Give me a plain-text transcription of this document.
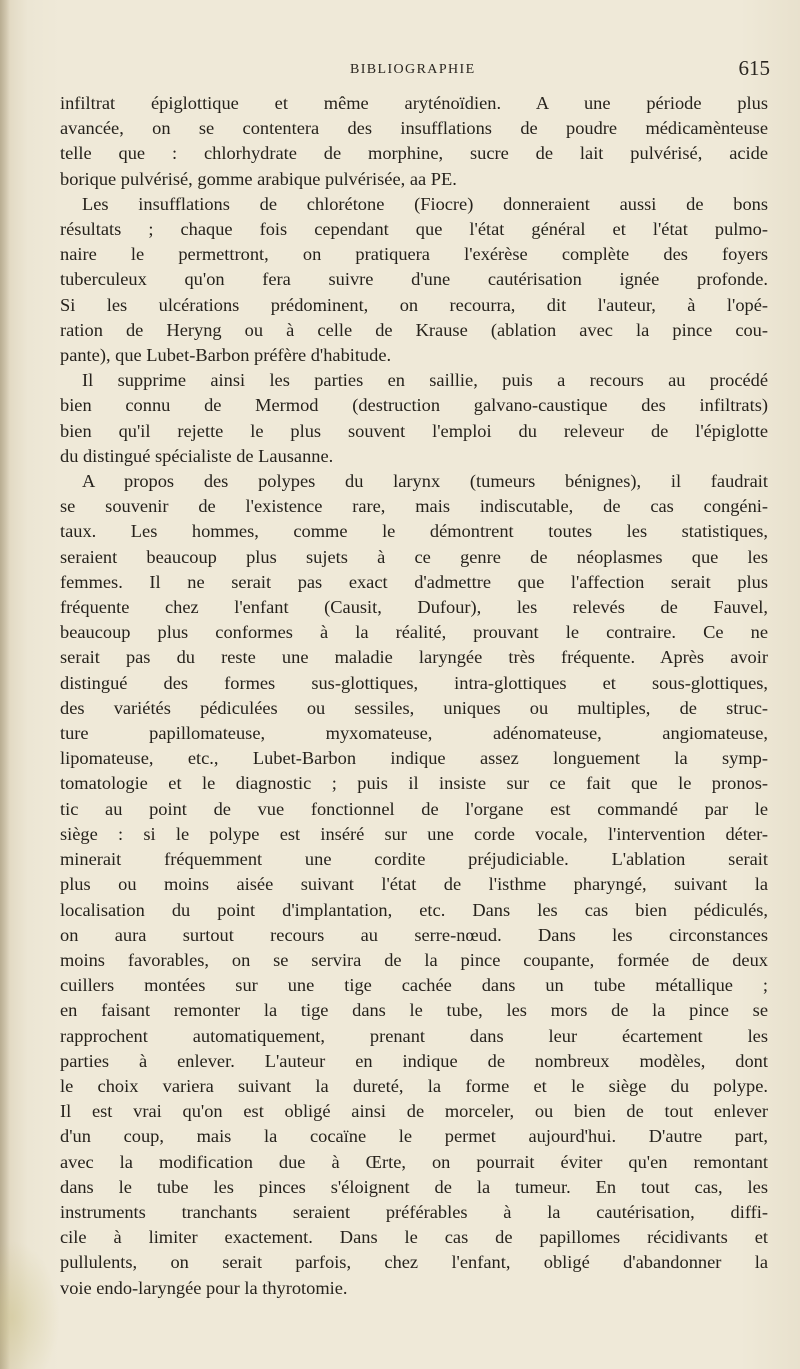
BIBLIOGRAPHIE	615
infiltrat épiglottique et même aryténoïdien. A une période plus
avancée, on se contentera des insufflations de poudre médicamènteuse
telle que : chlorhydrate de morphine, sucre de lait pulvérisé, acide
borique pulvérisé, gomme arabique pulvérisée, aa PE.
Les insufflations de chlorétone (Fiocre) donneraient aussi de bons
résultats ; chaque fois cependant que l'état général et l'état pulmo-
naire le permettront, on pratiquera l'exérèse complète des foyers
tuberculeux qu'on fera suivre d'une cautérisation ignée profonde.
Si les ulcérations prédominent, on recourra, dit l'auteur, à l'opé-
ration de Heryng ou à celle de Krause (ablation avec la pince cou-
pante), que Lubet-Barbon préfère d'habitude.
Il supprime ainsi les parties en saillie, puis a recours au procédé
bien connu de Mermod (destruction galvano-caustique des infiltrats)
bien qu'il rejette le plus souvent l'emploi du releveur de l'épiglotte
du distingué spécialiste de Lausanne.
A propos des polypes du larynx (tumeurs bénignes), il faudrait
se souvenir de l'existence rare, mais indiscutable, de cas congéni-
taux. Les hommes, comme le démontrent toutes les statistiques,
seraient beaucoup plus sujets à ce genre de néoplasmes que les
femmes. Il ne serait pas exact d'admettre que l'affection serait plus
fréquente chez l'enfant (Causit, Dufour), les relevés de Fauvel,
beaucoup plus conformes à la réalité, prouvant le contraire. Ce ne
serait pas du reste une maladie laryngée très fréquente. Après avoir
distingué des formes sus-glottiques, intra-glottiques et sous-glottiques,
des variétés pédiculées ou sessiles, uniques ou multiples, de struc-
ture papillomateuse, myxomateuse, adénomateuse, angiomateuse,
lipomateuse, etc., Lubet-Barbon indique assez longuement la symp-
tomatologie et le diagnostic ; puis il insiste sur ce fait que le pronos-
tic au point de vue fonctionnel de l'organe est commandé par le
siège : si le polype est inséré sur une corde vocale, l'intervention déter-
minerait fréquemment une cordite préjudiciable. L'ablation serait
plus ou moins aisée suivant l'état de l'isthme pharyngé, suivant la
localisation du point d'implantation, etc. Dans les cas bien pédiculés,
on aura surtout recours au serre-nœud. Dans les circonstances
moins favorables, on se servira de la pince coupante, formée de deux
cuillers montées sur une tige cachée dans un tube métallique ;
en faisant remonter la tige dans le tube, les mors de la pince se
rapprochent automatiquement, prenant dans leur écartement les
parties à enlever. L'auteur en indique de nombreux modèles, dont
le choix variera suivant la dureté, la forme et le siège du polype.
Il est vrai qu'on est obligé ainsi de morceler, ou bien de tout enlever
d'un coup, mais la cocaïne le permet aujourd'hui. D'autre part,
avec la modification due à Œrte, on pourrait éviter qu'en remontant
dans le tube les pinces s'éloignent de la tumeur. En tout cas, les
instruments tranchants seraient préférables à la cautérisation, diffi-
cile à limiter exactement. Dans le cas de papillomes récidivants et
pullulents, on serait parfois, chez l'enfant, obligé d'abandonner la
voie endo-laryngée pour la thyrotomie.
